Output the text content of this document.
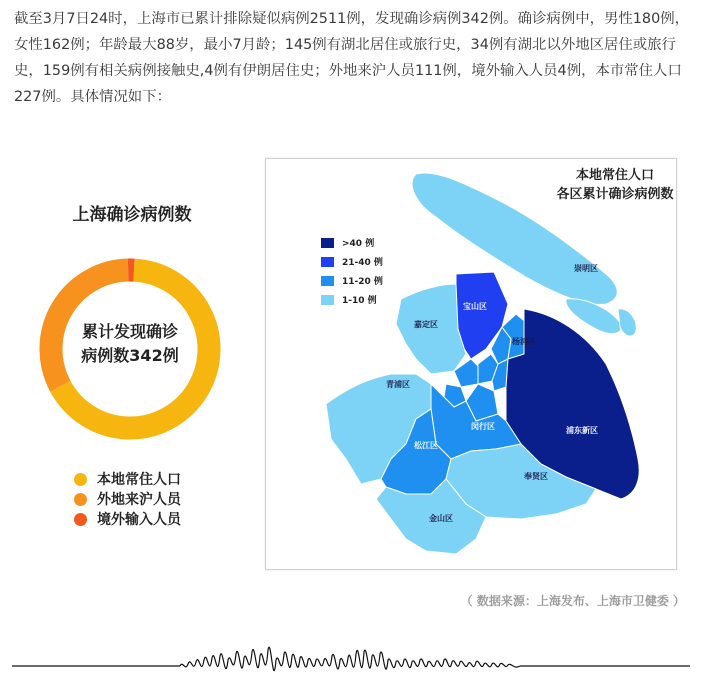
截至3月7日24时，上海市已累计排除疑似病例2511例，发现确诊病例342例。确诊病例中，男性180例，女性162例；年龄最大88岁，最小7月龄；145例有湖北居住或旅行史，34例有湖北以外地区居住或旅行史，159例有相关病例接触史,4例有伊朗居住史；外地来沪人员111例，境外输入人员4例，本市常住人口227例。具体情况如下：

上海确诊病例数
累计发现确诊
病例数342例
本地常住人口
外地来沪人员
境外输入人员
崇明区
宝山区
嘉定区
杨浦区
青浦区
浦东新区
闵行区
松江区
奉贤区
金山区
本地常住人口
各区累计确诊病例数
>40 例
21-40 例
11-20 例
1-10 例
（ 数据来源：上海发布、上海市卫健委 ）
